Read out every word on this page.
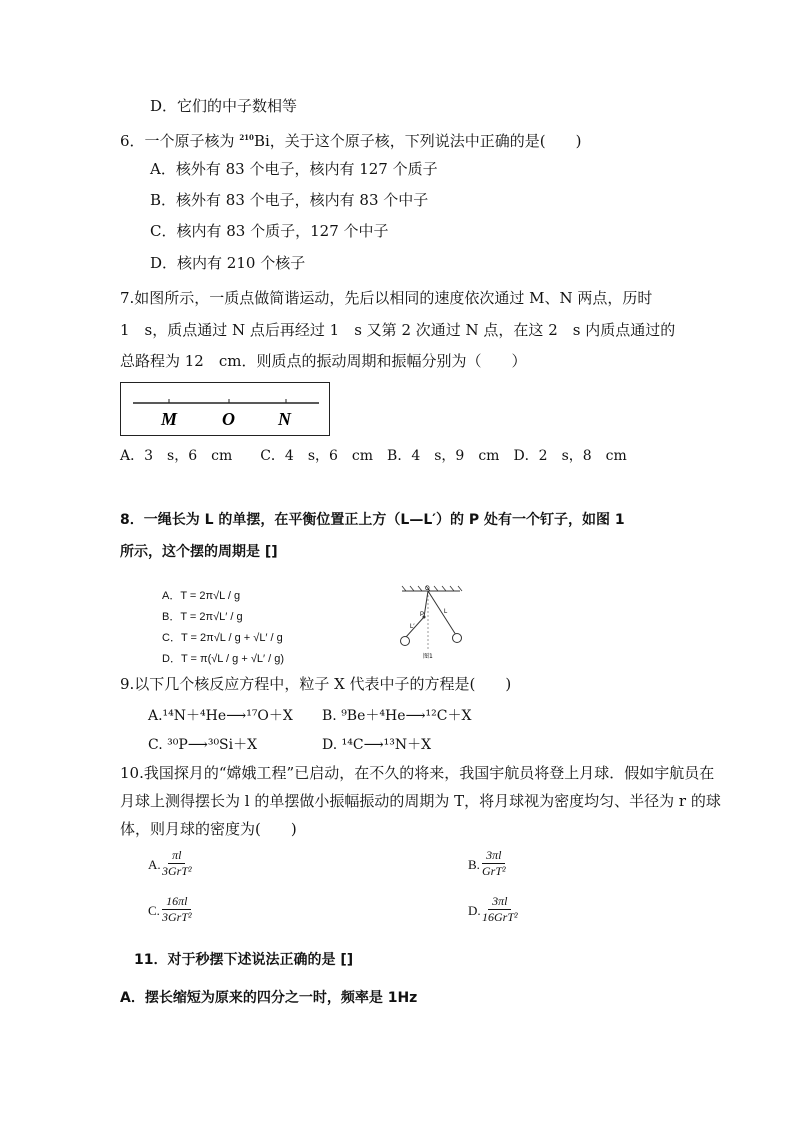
D．它们的中子数相等
6．一个原子核为 $^{210}$Bi，关于这个原子核，下列说法中正确的是(　　)
A．核外有 83 个电子，核内有 127 个质子
B．核外有 83 个电子，核内有 83 个中子
C．核内有 83 个质子，127 个中子
D．核内有 210 个核子
7.如图所示，一质点做简谐运动，先后以相同的速度依次通过 M、N 两点，历时
1　s，质点通过 N 点后再经过 1　s 又第 2 次通过 N 点，在这 2　s 内质点通过的
总路程为 12　cm．则质点的振动周期和振幅分别为（　　）
M O N
A．3　s，6　cm　　C．4　s，6　cm　B．4　s，9　cm　D．2　s，8　cm
8．一绳长为 L 的单摆，在平衡位置正上方（L—L′）的 P 处有一个钉子，如图 1
所示，这个摆的周期是 []
A．T = 2π√L / g
B．T = 2π√L′ / g
C．T = 2π√L / g + √L′ / g
D．T = π(√L / g + √L′ / g)
O
P	L
L′
图1
9.以下几个核反应方程中，粒子 X 代表中子的方程是(　　)
A.¹⁴N＋⁴He⟶¹⁷O＋X B. ⁹Be＋⁴He⟶¹²C＋X
C. ³⁰P⟶³⁰Si＋X	D. ¹⁴C⟶¹³N＋X
10.我国探月的“嫦娥工程”已启动，在不久的将来，我国宇航员将登上月球．假如宇航员在
月球上测得摆长为 l 的单摆做小振幅振动的周期为 T，将月球视为密度均匀、半径为 r 的球
体，则月球的密度为(　　)
A.
πl
3GrT²	B.
3πl
GrT²
C.
16πl
3GrT²	D.
3πl
16GrT²
11．对于秒摆下述说法正确的是 []
A．摆长缩短为原来的四分之一时，频率是 1Hz
